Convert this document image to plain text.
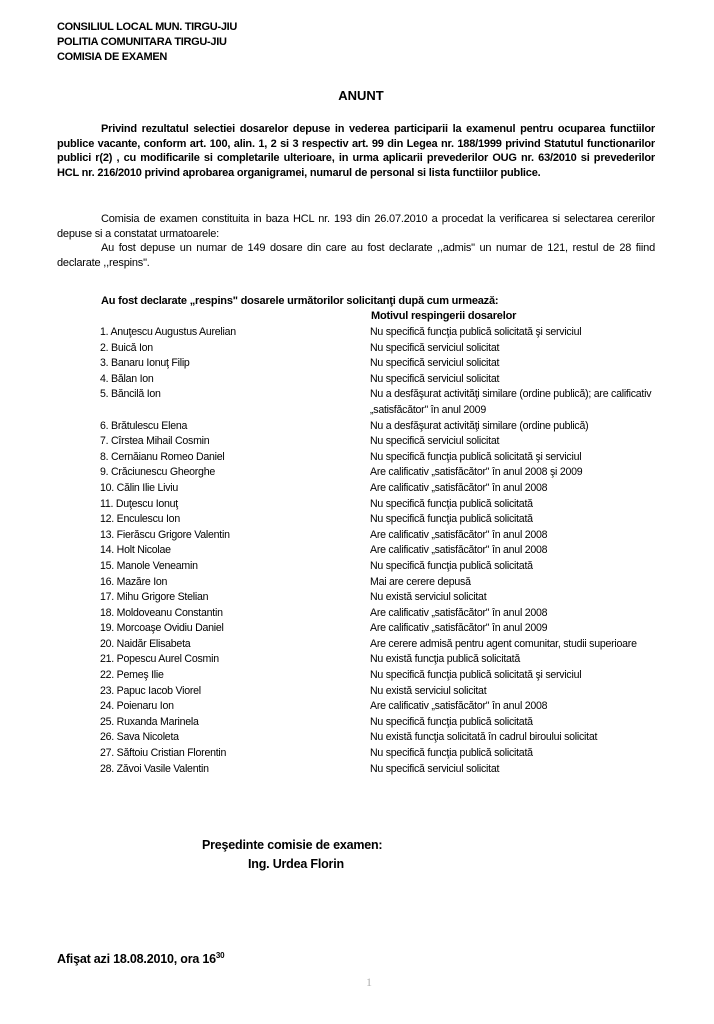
CONSILIUL LOCAL MUN. TIRGU-JIU
POLITIA COMUNITARA TIRGU-JIU
COMISIA DE EXAMEN
ANUNT

Privind rezultatul selectiei dosarelor depuse in vederea participarii la examenul pentru ocuparea functiilor publice vacante, conform art. 100, alin. 1, 2 si 3 respectiv art. 99 din Legea nr. 188/1999 privind Statutul functionarilor publici r(2) , cu modificarile si completarile ulterioare, in urma aplicarii prevederilor OUG nr. 63/2010 si prevederilor HCL nr. 216/2010 privind aprobarea organigramei, numarul de personal si lista functiilor publice.

Comisia de examen constituita in baza HCL nr. 193 din 26.07.2010 a procedat la verificarea si selectarea cererilor depuse si a constatat urmatoarele:

Au fost depuse un numar de 149 dosare din care au fost declarate ,,admis" un numar de 121, restul de 28 fiind declarate ,,respins".

Au fost declarate „respins" dosarele următorilor solicitanţi după cum urmează:
Motivul respingerii dosarelor
1. Anuţescu Augustus Aurelian	Nu specifică funcţia publică solicitată şi serviciul
2. Buică Ion	Nu specifică serviciul solicitat
3. Banaru Ionuţ Filip	Nu specifică serviciul solicitat
4. Bălan Ion	Nu specifică serviciul solicitat
5. Băncilă Ion	Nu a desfăşurat activităţi similare (ordine publică); are calificativ „satisfăcător" în anul 2009
6. Brătulescu Elena	Nu a desfăşurat activităţi similare (ordine publică)
7. Cîrstea Mihail Cosmin	Nu specifică serviciul solicitat
8. Cernăianu Romeo Daniel	Nu specifică funcţia publică solicitată şi serviciul
9. Crăciunescu Gheorghe	Are calificativ „satisfăcător" în anul 2008 şi 2009
10. Călin Ilie Liviu	Are calificativ „satisfăcător" în anul 2008
11. Duţescu Ionuţ	Nu specifică funcţia publică solicitată
12. Enculescu Ion	Nu specifică funcţia publică solicitată
13. Fierăscu Grigore Valentin	Are calificativ „satisfăcător" în anul 2008
14. Holt Nicolae	Are calificativ „satisfăcător" în anul 2008
15. Manole Veneamin	Nu specifică funcţia publică solicitată
16. Mazăre Ion	Mai are cerere depusă
17. Mihu Grigore Stelian	Nu există serviciul solicitat
18. Moldoveanu Constantin	Are calificativ „satisfăcător" în anul 2008
19. Morcoaşe Ovidiu Daniel	Are calificativ „satisfăcător" în anul 2009
20. Naidăr Elisabeta	Are cerere admisă pentru agent comunitar, studii superioare
21. Popescu Aurel Cosmin	Nu există funcţia publică solicitată
22. Pemeş Ilie	Nu specifică funcţia publică solicitată şi serviciul
23. Papuc Iacob Viorel	Nu există serviciul solicitat
24. Poienaru Ion	Are calificativ „satisfăcător" în anul 2008
25. Ruxanda Marinela	Nu specifică funcţia publică solicitată
26. Sava Nicoleta	Nu există funcţia solicitată în cadrul biroului solicitat
27. Săftoiu Cristian Florentin	Nu specifică funcţia publică solicitată
28. Zăvoi Vasile Valentin	Nu specifică serviciul solicitat
Preşedinte comisie de examen:
Ing. Urdea Florin
Afişat azi 18.08.2010, ora $16^{30}$
1
